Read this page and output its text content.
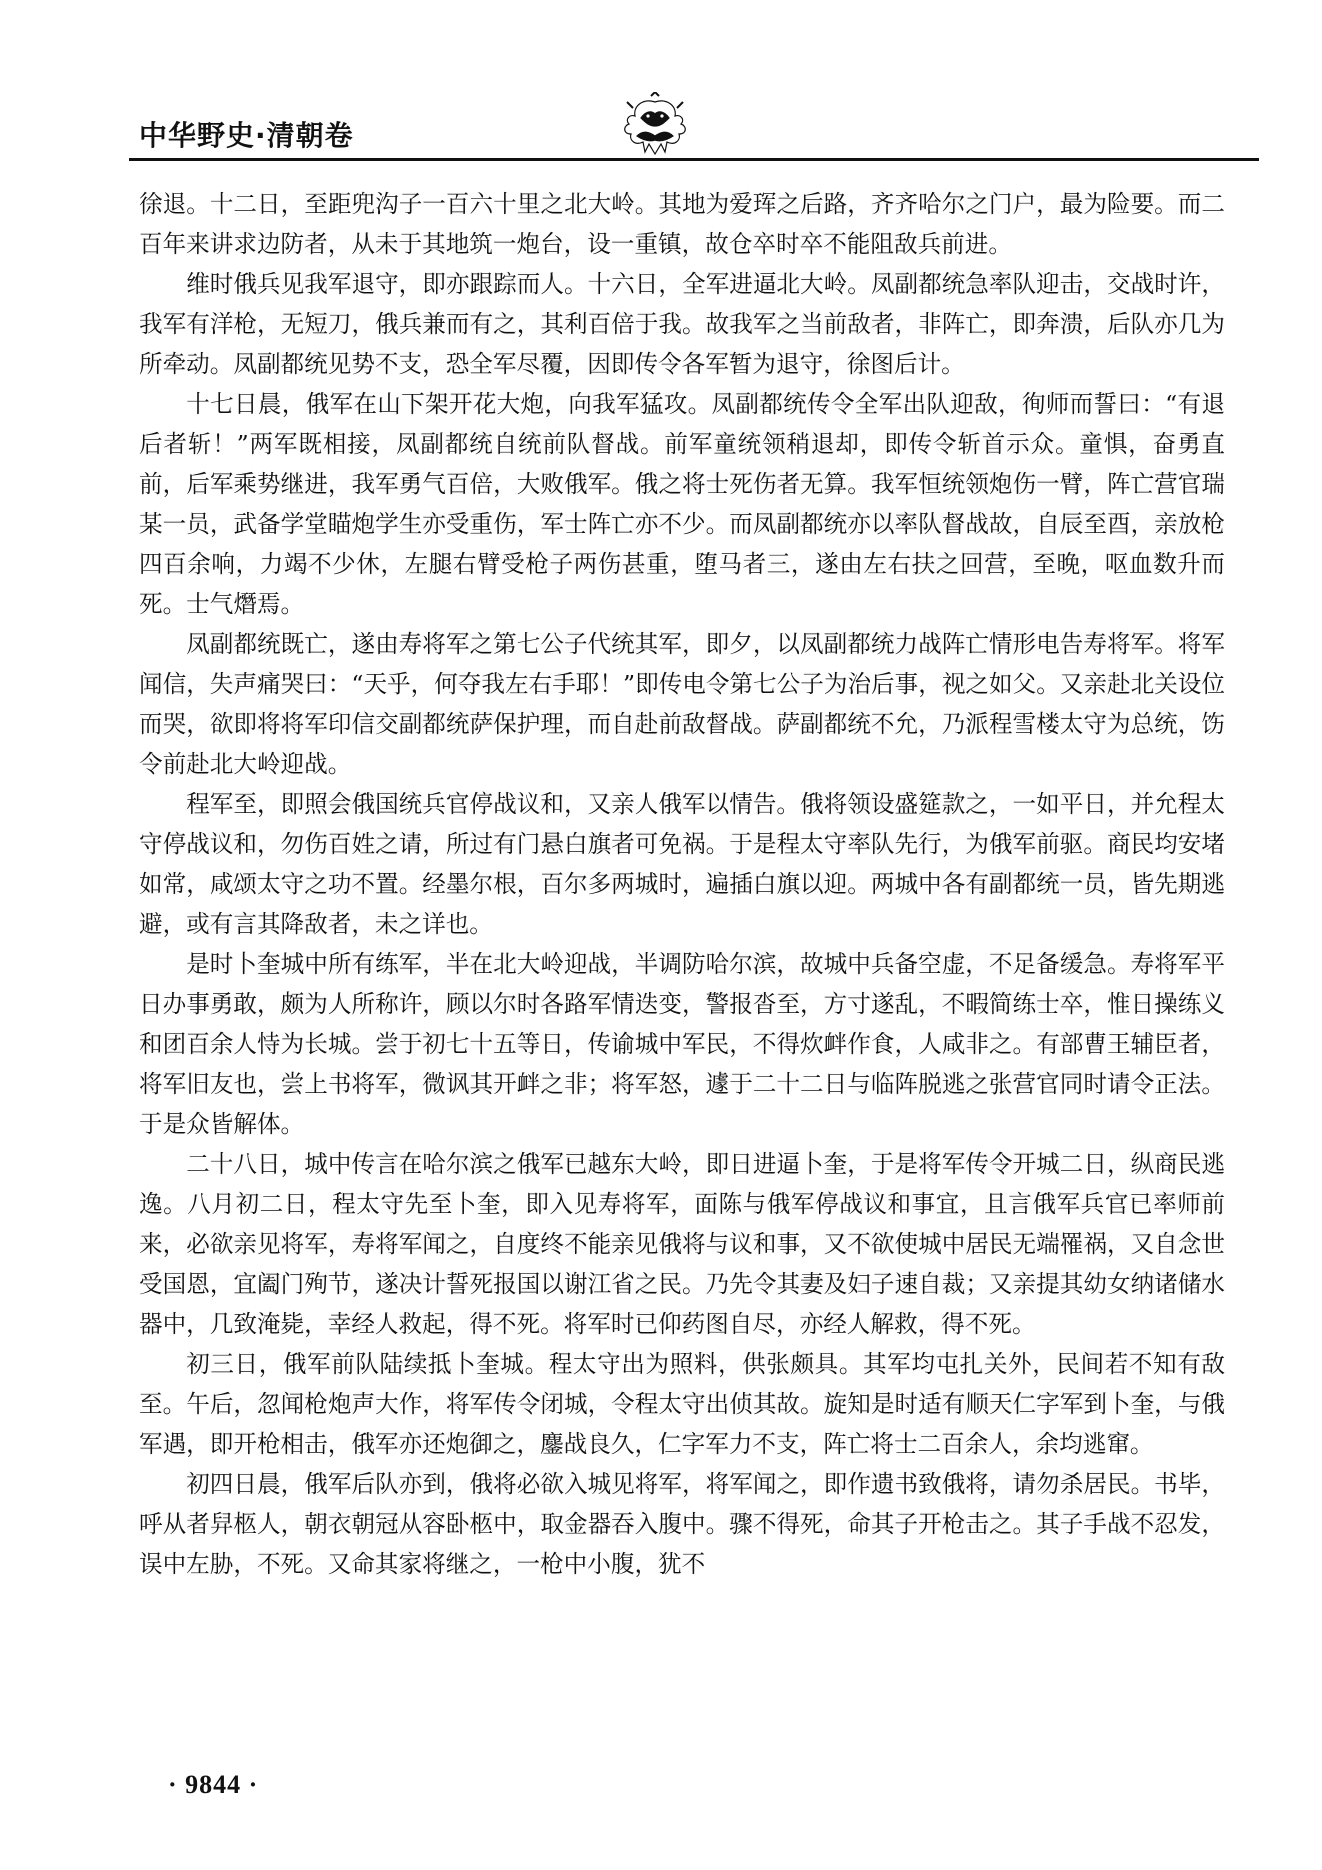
中华野史·清朝卷

徐退。十二日，至距兜沟子一百六十里之北大岭。其地为爱珲之后路，齐齐哈尔之门户，最为险要。而二百年来讲求边防者，从未于其地筑一炮台，设一重镇，故仓卒时卒不能阻敌兵前进。

维时俄兵见我军退守，即亦跟踪而人。十六日，全军进逼北大岭。凤副都统急率队迎击，交战时许，我军有洋枪，无短刀，俄兵兼而有之，其利百倍于我。故我军之当前敌者，非阵亡，即奔溃，后队亦几为所牵动。凤副都统见势不支，恐全军尽覆，因即传令各军暂为退守，徐图后计。

十七日晨，俄军在山下架开花大炮，向我军猛攻。凤副都统传令全军出队迎敌，徇师而誓曰：“有退后者斩！”两军既相接，凤副都统自统前队督战。前军童统领稍退却，即传令斩首示众。童惧，奋勇直前，后军乘势继进，我军勇气百倍，大败俄军。俄之将士死伤者无算。我军恒统领炮伤一臂，阵亡营官瑞某一员，武备学堂瞄炮学生亦受重伤，军士阵亡亦不少。而凤副都统亦以率队督战故，自辰至酉，亲放枪四百余响，力竭不少休，左腿右臂受枪子两伤甚重，堕马者三，遂由左右扶之回营，至晚，呕血数升而死。士气熸焉。

凤副都统既亡，遂由寿将军之第七公子代统其军，即夕，以凤副都统力战阵亡情形电告寿将军。将军闻信，失声痛哭曰：“天乎，何夺我左右手耶！”即传电令第七公子为治后事，视之如父。又亲赴北关设位而哭，欲即将将军印信交副都统萨保护理，而自赴前敌督战。萨副都统不允，乃派程雪楼太守为总统，饬令前赴北大岭迎战。

程军至，即照会俄国统兵官停战议和，又亲人俄军以情告。俄将领设盛筵款之，一如平日，并允程太守停战议和，勿伤百姓之请，所过有门悬白旗者可免祸。于是程太守率队先行，为俄军前驱。商民均安堵如常，咸颂太守之功不置。经墨尔根，百尔多两城时，遍插白旗以迎。两城中各有副都统一员，皆先期逃避，或有言其降敌者，未之详也。

是时卜奎城中所有练军，半在北大岭迎战，半调防哈尔滨，故城中兵备空虚，不足备缓急。寿将军平日办事勇敢，颇为人所称许，顾以尔时各路军情迭变，警报沓至，方寸遂乱，不暇简练士卒，惟日操练义和团百余人恃为长城。尝于初七十五等日，传谕城中军民，不得炊衅作食，人咸非之。有部曹王辅臣者，将军旧友也，尝上书将军，微讽其开衅之非；将军怒，遽于二十二日与临阵脱逃之张营官同时请令正法。于是众皆解体。

二十八日，城中传言在哈尔滨之俄军已越东大岭，即日进逼卜奎，于是将军传令开城二日，纵商民逃逸。八月初二日，程太守先至卜奎，即入见寿将军，面陈与俄军停战议和事宜，且言俄军兵官已率师前来，必欲亲见将军，寿将军闻之，自度终不能亲见俄将与议和事，又不欲使城中居民无端罹祸，又自念世受国恩，宜阖门殉节，遂决计誓死报国以谢江省之民。乃先令其妻及妇子速自裁；又亲提其幼女纳诸储水器中，几致淹毙，幸经人救起，得不死。将军时已仰药图自尽，亦经人解救，得不死。

初三日，俄军前队陆续抵卜奎城。程太守出为照料，供张颇具。其军均屯扎关外，民间若不知有敌至。午后，忽闻枪炮声大作，将军传令闭城，令程太守出侦其故。旋知是时适有顺天仁字军到卜奎，与俄军遇，即开枪相击，俄军亦还炮御之，鏖战良久，仁字军力不支，阵亡将士二百余人，余均逃窜。

初四日晨，俄军后队亦到，俄将必欲入城见将军，将军闻之，即作遗书致俄将，请勿杀居民。书毕，呼从者舁柩人，朝衣朝冠从容卧柩中，取金器吞入腹中。骤不得死，命其子开枪击之。其子手战不忍发，误中左胁，不死。又命其家将继之，一枪中小腹，犹不

· 9844 ·
